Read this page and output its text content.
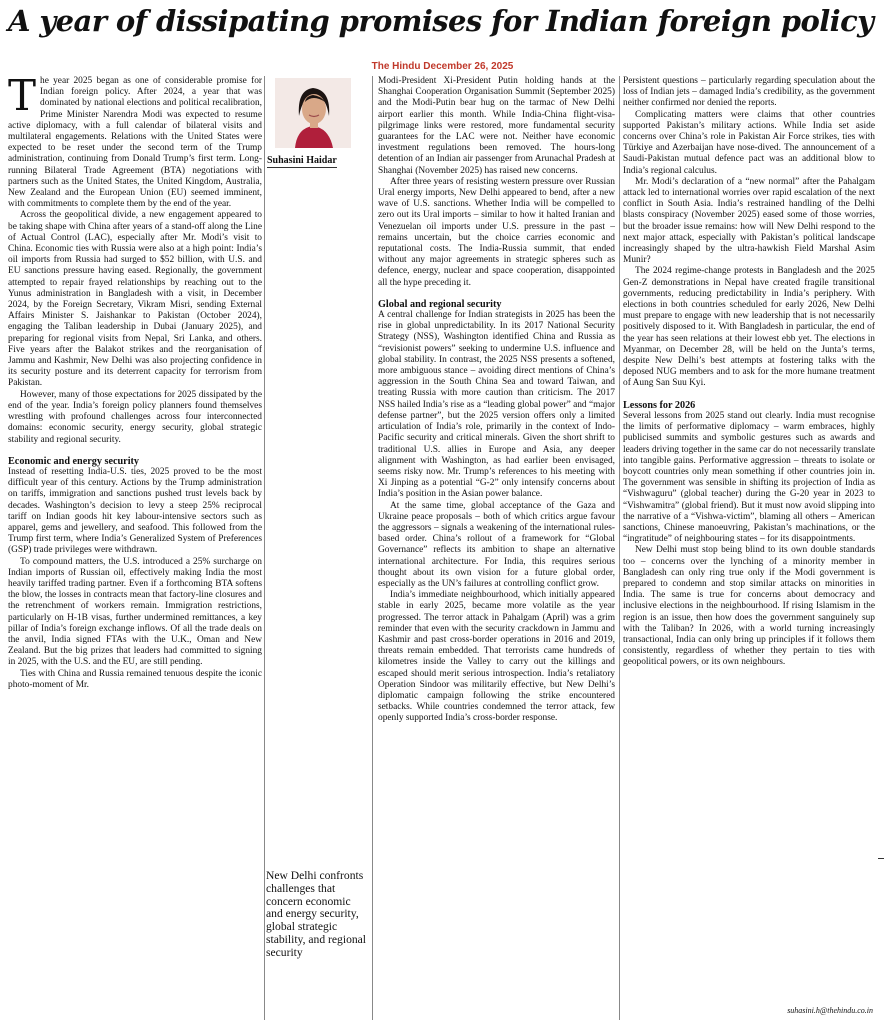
A year of dissipating promises for Indian foreign policy
The Hindu December 26, 2025

The year 2025 began as one of considerable promise for Indian foreign policy. After 2024, a year that was dominated by national elections and political recalibration, Prime Minister Narendra Modi was expected to resume active diplomacy, with a full calendar of bilateral visits and multilateral engagements. Relations with the United States were expected to be reset under the second term of the Trump administration, continuing from Donald Trump’s first term. Long-running Bilateral Trade Agreement (BTA) negotiations with partners such as the United States, the United Kingdom, Australia, New Zealand and the European Union (EU) seemed imminent, with commitments to complete them by the end of the year.

Across the geopolitical divide, a new engagement appeared to be taking shape with China after years of a stand-off along the Line of Actual Control (LAC), especially after Mr. Modi’s visit to China. Economic ties with Russia were also at a high point: India’s oil imports from Russia had surged to $52 billion, with U.S. and EU sanctions pressure having eased. Regionally, the government attempted to repair frayed relationships by reaching out to the Yunus administration in Bangladesh with a visit, in December 2024, by the Foreign Secretary, Vikram Misri, sending External Affairs Minister S. Jaishankar to Pakistan (October 2024), engaging the Taliban leadership in Dubai (January 2025), and preparing for regional visits from Nepal, Sri Lanka, and others. Five years after the Balakot strikes and the reorganisation of Jammu and Kashmir, New Delhi was also projecting confidence in its security posture and its deterrent capacity for terrorism from Pakistan.

However, many of those expectations for 2025 dissipated by the end of the year. India’s foreign policy planners found themselves wrestling with profound challenges across four interconnected domains: economic security, energy security, global strategic stability and regional security.

Economic and energy security

Instead of resetting India-U.S. ties, 2025 proved to be the most difficult year of this century. Actions by the Trump administration on tariffs, immigration and sanctions pushed trust levels back by decades. Washington’s decision to levy a steep 25% reciprocal tariff on Indian goods hit key labour-intensive sectors such as apparel, gems and jewellery, and seafood. This followed from the Trump first term, where India’s Generalized System of Preferences (GSP) trade privileges were withdrawn.

To compound matters, the U.S. introduced a 25% surcharge on Indian imports of Russian oil, effectively making India the most heavily tariffed trading partner. Even if a forthcoming BTA softens the blow, the losses in contracts mean that factory-line closures and the retrenchment of workers remain. Immigration restrictions, particularly on H-1B visas, further undermined remittances, a key pillar of India’s foreign exchange inflows. Of all the trade deals on the anvil, India signed FTAs with the U.K., Oman and New Zealand. But the big prizes that leaders had committed to signing in 2025, with the U.S. and the EU, are still pending.

Ties with China and Russia remained tenuous despite the iconic photo-moment of Mr.

Suhasini Haidar

New Delhi confronts challenges that concern economic and energy security, global strategic stability, and regional security

Modi-President Xi-President Putin holding hands at the Shanghai Cooperation Organisation Summit (September 2025) and the Modi-Putin bear hug on the tarmac of New Delhi airport earlier this month. While India-China flight-visa-pilgrimage links were restored, more fundamental security guarantees for the LAC were not. Neither have economic investment regulations been removed. The hours-long detention of an Indian air passenger from Arunachal Pradesh at Shanghai (November 2025) has raised new concerns.

After three years of resisting western pressure over Russian Ural energy imports, New Delhi appeared to bend, after a new wave of U.S. sanctions. Whether India will be compelled to zero out its Ural imports – similar to how it halted Iranian and Venezuelan oil imports under U.S. pressure in the past – remains uncertain, but the choice carries economic and reputational costs. The India-Russia summit, that ended without any major agreements in strategic spheres such as defence, energy, nuclear and space cooperation, disappointed all the hype preceding it.

Global and regional security

A central challenge for Indian strategists in 2025 has been the rise in global unpredictability. In its 2017 National Security Strategy (NSS), Washington identified China and Russia as “revisionist powers” seeking to undermine U.S. influence and global stability. In contrast, the 2025 NSS presents a softened, more ambiguous stance – avoiding direct mentions of China’s aggression in the South China Sea and toward Taiwan, and treating Russia with more caution than criticism. The 2017 NSS hailed India’s rise as a “leading global power” and “major defense partner”, but the 2025 version offers only a limited articulation of India’s role, primarily in the context of Indo-Pacific security and critical minerals. Given the short shrift to traditional U.S. allies in Europe and Asia, any deeper alignment with Washington, as had earlier been envisaged, seems risky now. Mr. Trump’s references to his meeting with Xi Jinping as a potential “G-2” only intensify concerns about India’s position in the Asian power balance.

At the same time, global acceptance of the Gaza and Ukraine peace proposals – both of which critics argue favour the aggressors – signals a weakening of the international rules-based order. China’s rollout of a framework for “Global Governance” reflects its ambition to shape an alternative international architecture. For India, this requires serious thought about its own vision for a future global order, especially as the UN’s failures at controlling conflict grow.

India’s immediate neighbourhood, which initially appeared stable in early 2025, became more volatile as the year progressed. The terror attack in Pahalgam (April) was a grim reminder that even with the security crackdown in Jammu and Kashmir and past cross-border operations in 2016 and 2019, threats remain embedded. That terrorists came hundreds of kilometres inside the Valley to carry out the killings and escaped should merit serious introspection. India’s retaliatory Operation Sindoor was militarily effective, but New Delhi’s diplomatic campaign following the strike encountered setbacks. While countries condemned the terror attack, few openly supported India’s cross-border response.

Persistent questions – particularly regarding speculation about the loss of Indian jets – damaged India’s credibility, as the government neither confirmed nor denied the reports.

Complicating matters were claims that other countries supported Pakistan’s military actions. While India set aside concerns over China’s role in Pakistan Air Force strikes, ties with Türkiye and Azerbaijan have nose-dived. The announcement of a Saudi-Pakistan mutual defence pact was an additional blow to India’s regional calculus.

Mr. Modi’s declaration of a “new normal” after the Pahalgam attack led to international worries over rapid escalation of the next conflict in South Asia. India’s restrained handling of the Delhi blasts conspiracy (November 2025) eased some of those worries, but the broader issue remains: how will New Delhi respond to the next major attack, especially with Pakistan’s political landscape increasingly shaped by the ultra-hawkish Field Marshal Asim Munir?

The 2024 regime-change protests in Bangladesh and the 2025 Gen-Z demonstrations in Nepal have created fragile transitional governments, reducing predictability in India’s periphery. With elections in both countries scheduled for early 2026, New Delhi must prepare to engage with new leadership that is not necessarily positively disposed to it. With Bangladesh in particular, the end of the year has seen relations at their lowest ebb yet. The elections in Myanmar, on December 28, will be held on the Junta’s terms, despite New Delhi’s best attempts at fostering talks with the deposed NUG members and to ask for the more humane treatment of Aung San Suu Kyi.

Lessons for 2026

Several lessons from 2025 stand out clearly. India must recognise the limits of performative diplomacy – warm embraces, highly publicised summits and symbolic gestures such as awards and leaders driving together in the same car do not necessarily translate into tangible gains. Performative aggression – threats to isolate or boycott countries only mean something if other countries join in. The government was sensible in shifting its projection of India as “Vishwaguru” (global teacher) during the G-20 year in 2023 to “Vishwamitra” (global friend). But it must now avoid slipping into the narrative of a “Vishwa-victim”, blaming all others – American sanctions, Chinese manoeuvring, Pakistan’s machinations, or the “ingratitude” of neighbouring states – for its disappointments.

New Delhi must stop being blind to its own double standards too – concerns over the lynching of a minority member in Bangladesh can only ring true only if the Modi government is prepared to condemn and stop similar attacks on minorities in India. The same is true for concerns about democracy and inclusive elections in the neighbourhood. If rising Islamism in the region is an issue, then how does the government sanguinely sup with the Taliban? In 2026, with a world turning increasingly transactional, India can only bring up principles if it follows them consistently, regardless of whether they pertain to ties with geopolitical powers, or its own neighbours.

suhasini.h@thehindu.co.in
